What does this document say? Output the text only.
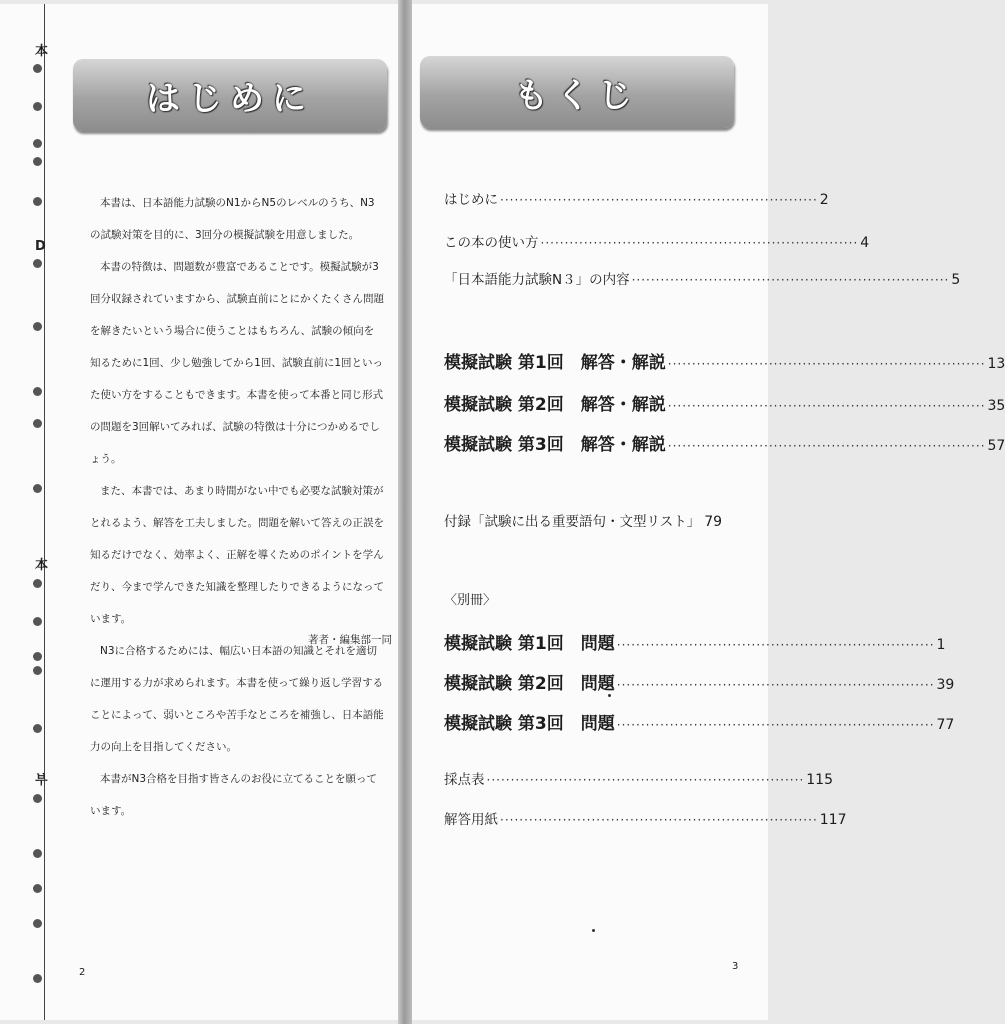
本
D
本
부
はじめに

本書は、日本語能力試験のN1からN5のレベルのうち、N3の試験対策を目的に、3回分の模擬試験を用意しました。

本書の特徴は、問題数が豊富であることです。模擬試験が3回分収録されていますから、試験直前にとにかくたくさん問題を解きたいという場合に使うことはもちろん、試験の傾向を知るために1回、少し勉強してから1回、試験直前に1回といった使い方をすることもできます。本書を使って本番と同じ形式の問題を3回解いてみれば、試験の特徴は十分につかめるでしょう。

また、本書では、あまり時間がない中でも必要な試験対策がとれるよう、解答を工夫しました。問題を解いて答えの正誤を知るだけでなく、効率よく、正解を導くためのポイントを学んだり、今まで学んできた知識を整理したりできるようになっています。

N3に合格するためには、幅広い日本語の知識とそれを適切に運用する力が求められます。本書を使って繰り返し学習することによって、弱いところや苦手なところを補強し、日本語能力の向上を目指してください。

本書がN3合格を目指す皆さんのお役に立てることを願っています。

著者・編集部一同
2
もくじ
はじめに ·································································· 2
この本の使い方 ·································································· 4
「日本語能力試験N３」の内容 ·································································· 5
模擬試験 第1回　解答・解説 ·································································· 13
模擬試験 第2回　解答・解説 ·································································· 35
模擬試験 第3回　解答・解説 ·································································· 57
付録「試験に出る重要語句・文型リスト」 79
〈別冊〉
模擬試験 第1回　問題 ·································································· 1
模擬試験 第2回　問題 ·································································· 39
模擬試験 第3回　問題 ·································································· 77
採点表 ·································································· 115
解答用紙 ·································································· 117
3
